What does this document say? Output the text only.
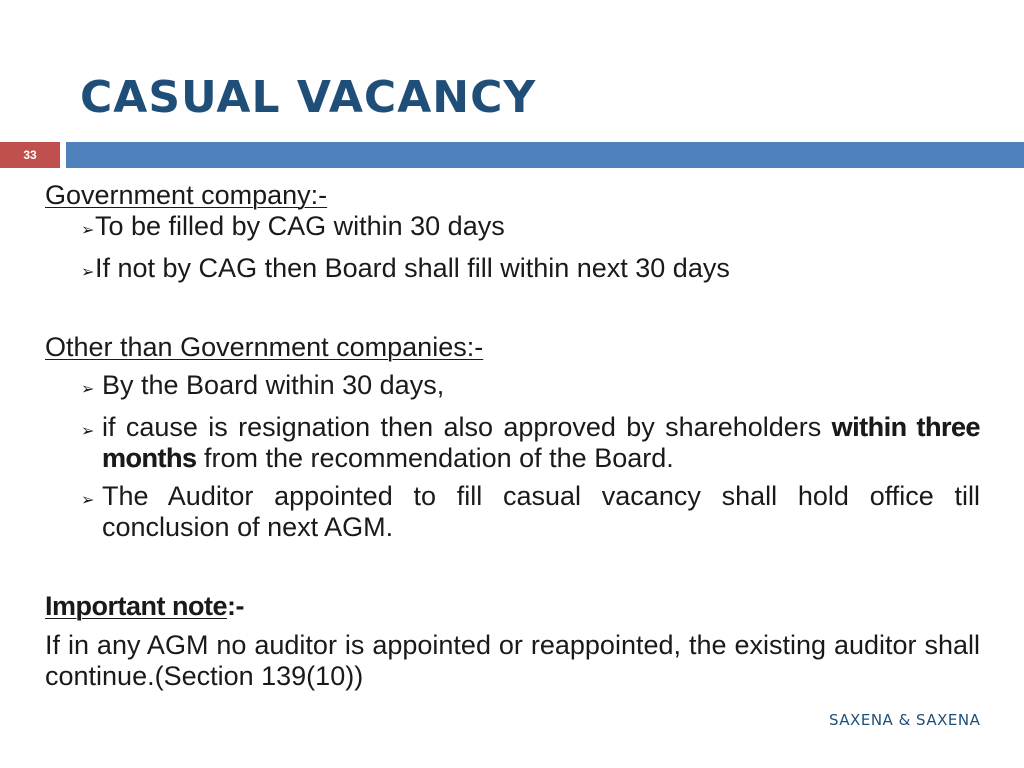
CASUAL VACANCY
33

Government company:-

➢ To be filled by CAG within 30 days
➢ If not by CAG then Board shall fill within next 30 days

Other than Government companies:-

➢ By the Board within 30 days,
➢ if cause is resignation then also approved by shareholders within three months from the recommendation of the Board.
➢ The Auditor appointed to fill casual vacancy shall hold office till conclusion of next AGM.

Important note:-

If in any AGM no auditor is appointed or reappointed, the existing auditor shall continue.(Section 139(10))

SAXENA & SAXENA
